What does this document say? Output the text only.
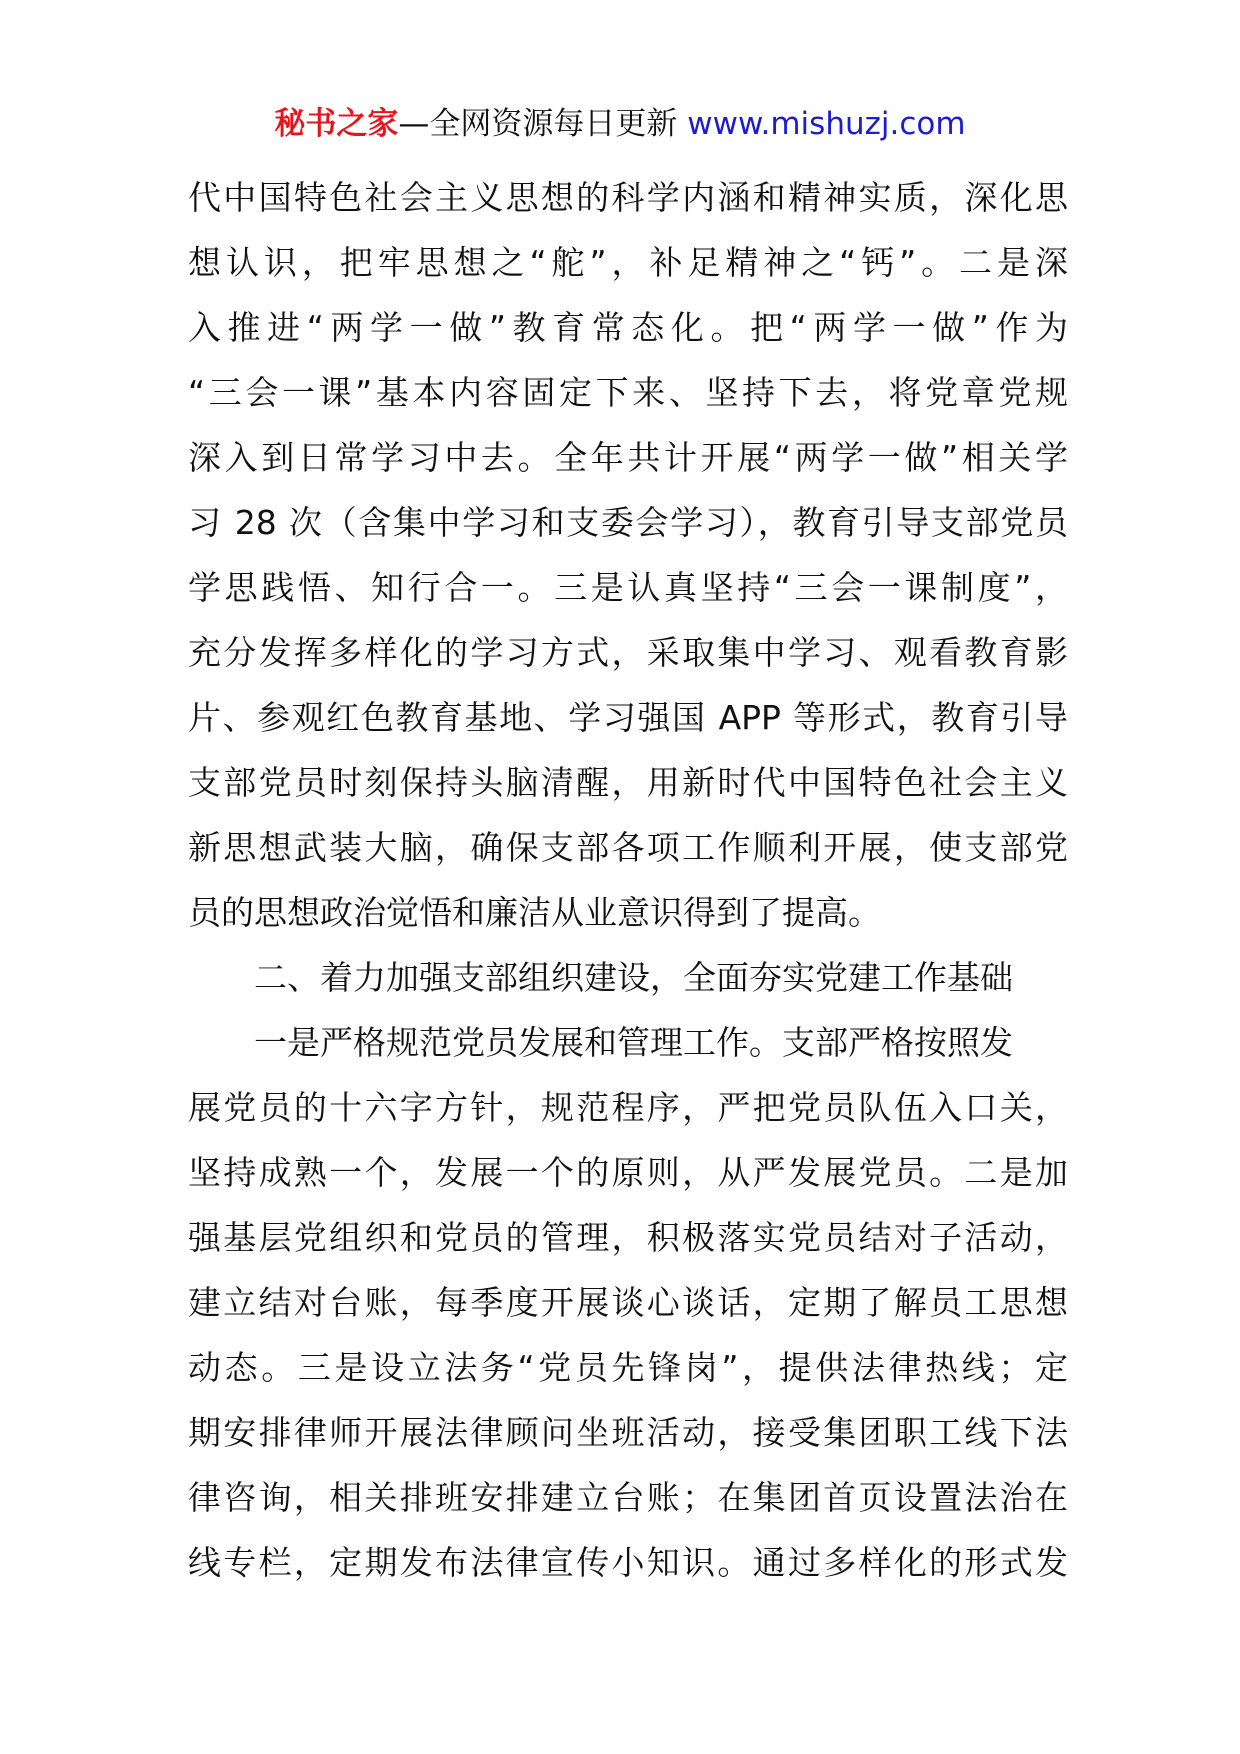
秘书之家—全网资源每日更新 www.mishuzj.com
代中国特色社会主义思想的科学内涵和精神实质，深化思
想认识，把牢思想之“舵”，补足精神之“钙”。二是深
入推进“两学一做”教育常态化。把“两学一做”作为
“三会一课”基本内容固定下来、坚持下去，将党章党规
深入到日常学习中去。全年共计开展“两学一做”相关学
习 28 次（含集中学习和支委会学习），教育引导支部党员
学思践悟、知行合一。三是认真坚持“三会一课制度”，
充分发挥多样化的学习方式，采取集中学习、观看教育影
片、参观红色教育基地、学习强国 APP 等形式，教育引导
支部党员时刻保持头脑清醒，用新时代中国特色社会主义
新思想武装大脑，确保支部各项工作顺利开展，使支部党
员的思想政治觉悟和廉洁从业意识得到了提高。
二、着力加强支部组织建设，全面夯实党建工作基础
一是严格规范党员发展和管理工作。支部严格按照发
展党员的十六字方针，规范程序，严把党员队伍入口关，
坚持成熟一个，发展一个的原则，从严发展党员。二是加
强基层党组织和党员的管理，积极落实党员结对子活动，
建立结对台账，每季度开展谈心谈话，定期了解员工思想
动态。三是设立法务“党员先锋岗”，提供法律热线；定
期安排律师开展法律顾问坐班活动，接受集团职工线下法
律咨询，相关排班安排建立台账；在集团首页设置法治在
线专栏，定期发布法律宣传小知识。通过多样化的形式发
